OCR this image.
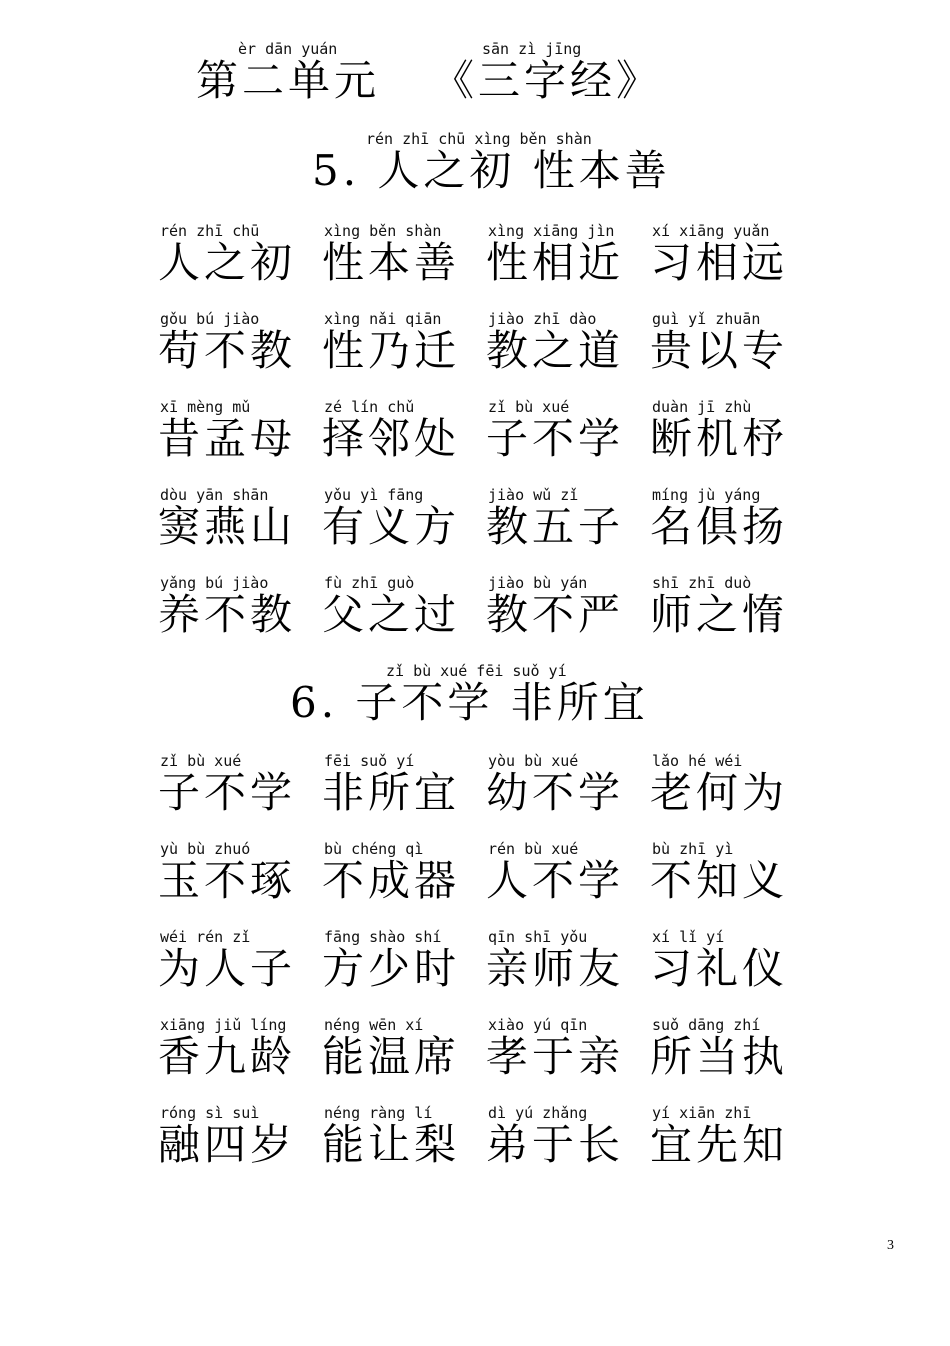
èr dān yuán	sān zì jīng
第二单元 《三字经》
rén zhī chū xìng běn shàn
5. 人之初 性本善
rén zhī chū	xìng běn shàn	xìng xiāng jìn	xí xiāng yuǎn
人之初 性本善 性相近 习相远
gǒu bú jiào	xìng nǎi qiān	jiào zhī dào	guì yǐ zhuān
苟不教 性乃迁 教之道 贵以专
xī mèng mǔ	zé lín chǔ	zǐ bù xué	duàn jī zhù
昔孟母 择邻处 子不学 断机杼
dòu yān shān	yǒu yì fāng	jiào wǔ zǐ	míng jù yáng
窦燕山 有义方 教五子 名俱扬
yǎng bú jiào	fù zhī guò	jiào bù yán	shī zhī duò
养不教 父之过 教不严 师之惰
zǐ bù xué fēi suǒ yí
6. 子不学 非所宜
zǐ bù xué	fēi suǒ yí	yòu bù xué	lǎo hé wéi
子不学 非所宜 幼不学 老何为
yù bù zhuó	bù chéng qì	rén bù xué	bù zhī yì
玉不琢 不成器 人不学 不知义
wéi rén zǐ	fāng shào shí	qīn shī yǒu	xí lǐ yí
为人子 方少时 亲师友 习礼仪
xiāng jiǔ líng	néng wēn xí	xiào yú qīn	suǒ dāng zhí
香九龄 能温席 孝于亲 所当执
róng sì suì	néng ràng lí	dì yú zhǎng	yí xiān zhī
融四岁 能让梨 弟于长 宜先知
3
